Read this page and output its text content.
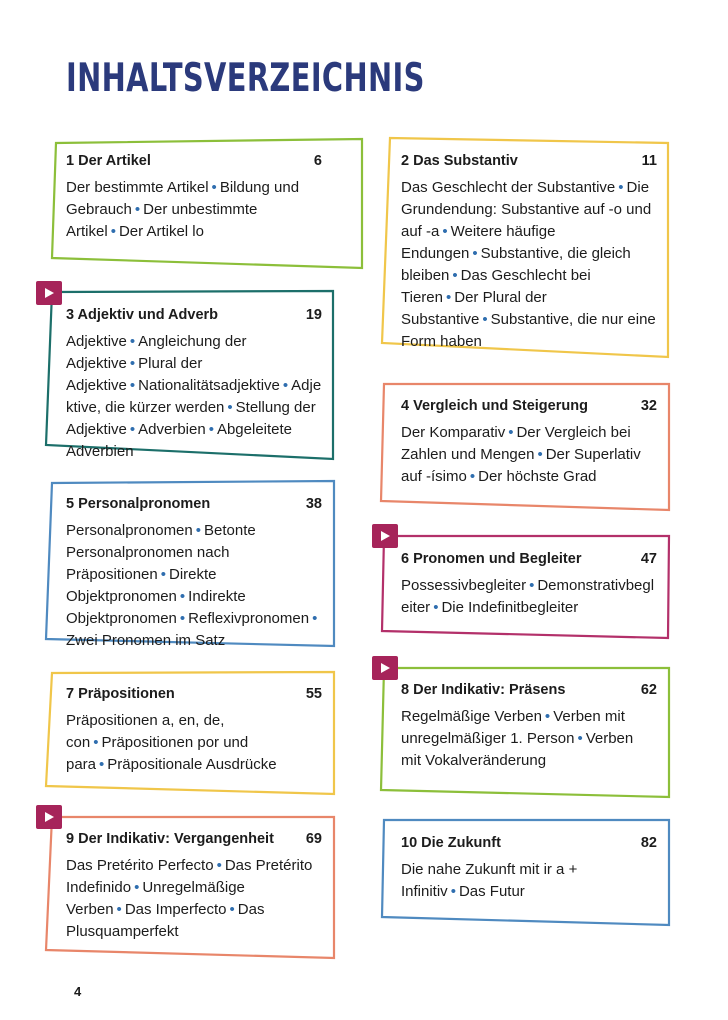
INHALTSVERZEICHNIS
1 Der Artikel	6
Der bestimmte Artikel • Bildung und Gebrauch • Der unbestimmte Artikel • Der Artikel lo
2 Das Substantiv	11
Das Geschlecht der Substantive • Die Grundendung: Substantive auf -o und auf -a • Weitere häufige Endungen • Substantive, die gleich bleiben • Das Geschlecht bei Tieren • Der Plural der Substantive • Substantive, die nur eine Form haben
3 Adjektiv und Adverb	19
Adjektive • Angleichung der Adjektive • Plural der Adjektive • Nationalitätsadjektive • Adjektive, die kürzer werden • Stellung der Adjektive • Adverbien • Abgeleitete Adverbien
4 Vergleich und Steigerung	32
Der Komparativ • Der Vergleich bei Zahlen und Mengen • Der Superlativ auf -ísimo • Der höchste Grad
5 Personalpronomen	38
Personalpronomen • Betonte Personalpronomen nach Präpositionen • Direkte Objektpronomen • Indirekte Objektpronomen • Reflexivpronomen •Zwei Pronomen im Satz
6 Pronomen und Begleiter	47
Possessivbegleiter • Demonstrativbegleiter • Die Indefinitbegleiter
7 Präpositionen	55
Präpositionen a, en, de, con • Präpositionen por und para • Präpositionale Ausdrücke
8 Der Indikativ: Präsens	62
Regelmäßige Verben • Verben mit unregelmäßiger 1. Person • Verben mit Vokalveränderung
9 Der Indikativ: Vergangenheit 69
Das Pretérito Perfecto • Das Pretérito Indefinido • Unregelmäßige Verben • Das Imperfecto • Das Plusquamperfekt
10 Die Zukunft	82
Die nahe Zukunft mit ir a + Infinitiv • Das Futur
4
